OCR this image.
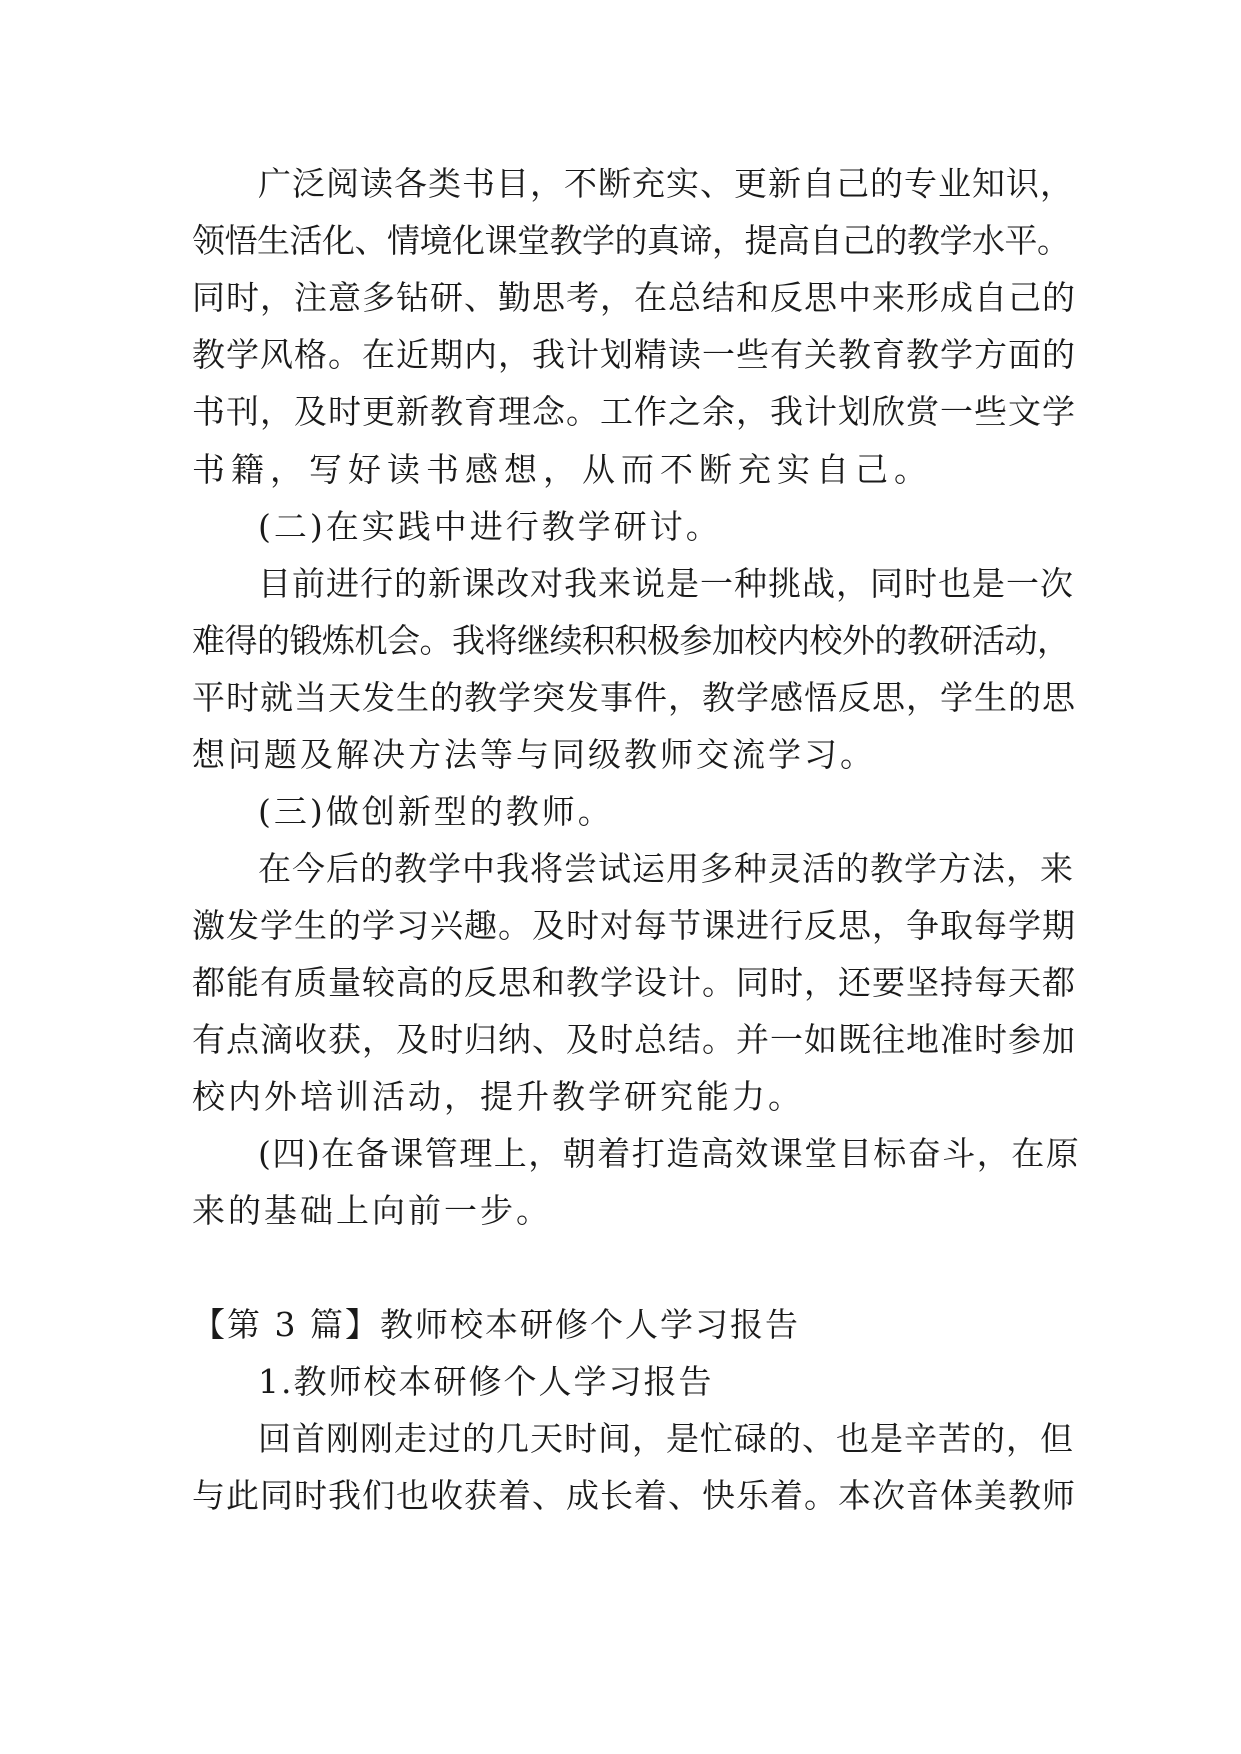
广泛阅读各类书目，不断充实、更新自己的专业知识，
领悟生活化、情境化课堂教学的真谛，提高自己的教学水平。
同时，注意多钻研、勤思考，在总结和反思中来形成自己的
教学风格。在近期内，我计划精读一些有关教育教学方面的
书刊，及时更新教育理念。工作之余，我计划欣赏一些文学
书籍，写好读书感想，从而不断充实自己。
(二)在实践中进行教学研讨。
目前进行的新课改对我来说是一种挑战，同时也是一次
难得的锻炼机会。我将继续积积极参加校内校外的教研活动，
平时就当天发生的教学突发事件，教学感悟反思，学生的思
想问题及解决方法等与同级教师交流学习。
(三)做创新型的教师。
在今后的教学中我将尝试运用多种灵活的教学方法，来
激发学生的学习兴趣。及时对每节课进行反思，争取每学期
都能有质量较高的反思和教学设计。同时，还要坚持每天都
有点滴收获，及时归纳、及时总结。并一如既往地准时参加
校内外培训活动，提升教学研究能力。
(四)在备课管理上，朝着打造高效课堂目标奋斗，在原
来的基础上向前一步。
【第 3 篇】教师校本研修个人学习报告
1.教师校本研修个人学习报告
回首刚刚走过的几天时间，是忙碌的、也是辛苦的，但
与此同时我们也收获着、成长着、快乐着。本次音体美教师
